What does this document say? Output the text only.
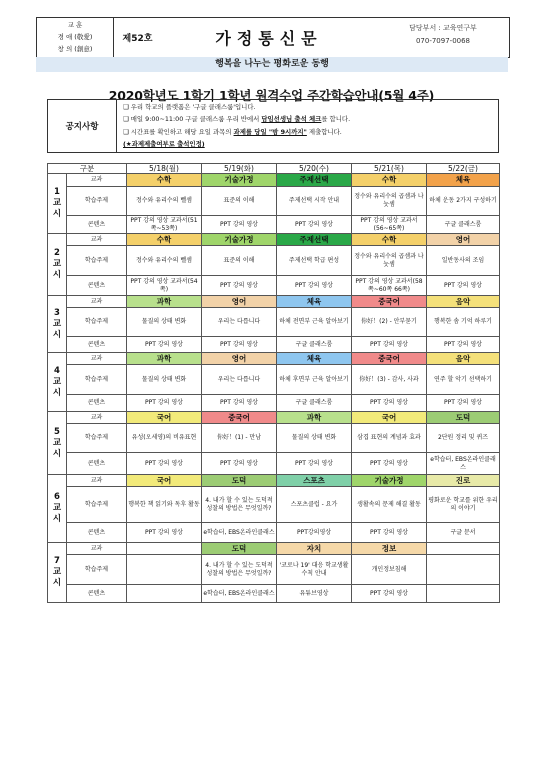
교 훈
경 애 (敬愛)
창 의 (創意)
제52호	가정통신문
담당부서 : 교육연구부
070-7097-0068
행복을 나누는 평화로운 동행
2020학년도 1학기 1학년 원격수업 주간학습안내(5월 4주)
공지사항
❑ 우리 학교의 플랫폼은 '구글 클래스룸'입니다.
❑ 매일 9:00~11:00 구글 클래스룸 우리 반에서 담임선생님 출석 체크를 합니다.
❑ 시간표를 확인하고 해당 요일 과목의 과제를 당일 "밤 9시까지" 제출합니다.
(★과제제출여부로 출석인정)
구분		5/18(월)	5/19(화)	5/20(수)	5/21(목)	5/22(금)
1
교
시	교과	수학	기술가정	주제선택	수학	체육
	학습주제	정수와 유리수의 뺄셈	표준의 이해	주제선택 시작 안내	정수와 유리수의 곱셈과 나눗셈	하체 운동 2가지 구성하기
	콘텐츠	PPT 강의 영상 교과서(51쪽~53쪽)	PPT 강의 영상	PPT 강의 영상	PPT 강의 영상 교과서(56~65쪽)	구글 클래스룸
2
교
시	교과	수학	기술가정	주제선택	수학	영어
	학습주제	정수와 유리수의 뺄셈	표준의 이해	주제선택 학급 편성	정수와 유리수의 곱셈과 나눗셈	일반동사의 조임
	콘텐츠	PPT 강의 영상 교과서(54쪽)	PPT 강의 영상	PPT 강의 영상	PPT 강의 영상 교과서(58쪽~60쪽 66쪽)	PPT 강의 영상
3
교
시	교과	과학	영어	체육	중국어	음악
	학습주제	물질의 상태 변화	우리는 다릅니다	하체 전면부 근육 알아보기	你好！(2) - 안부묻기	행복한 솜 기억 하루기
	콘텐츠	PPT 강의 영상	PPT 강의 영상	구글 클래스룸	PPT 강의 영상	PPT 강의 영상
4
교
시	교과	과학	영어	체육	중국어	음악
	학습주제	물질의 상태 변화	우리는 다릅니다	하체 후면부 근육 알아보기	你好！(3) - 감사, 사과	연주 할 악기 선택하기
	콘텐츠	PPT 강의 영상	PPT 강의 영상	구글 클래스룸	PPT 강의 영상	PPT 강의 영상
5
교
시	교과	국어	중국어	과학	국어	도덕
	학습주제	유성(오세영)의 비유표현	你好！(1) - 만남	물질의 상태 변화	삼겹 표현의 계념과 효과	2단원 정리 및 퀴즈
	콘텐츠	PPT 강의 영상	PPT 강의 영상	PPT 강의 영상	PPT 강의 영상	e학습터, EBS온라인클래스
6
교
시	교과	국어	도덕	스포츠	기술가정	진로
	학습주제	행복한 책 읽기와 독후 활동	4. 내가 할 수 있는 도덕적 성찰의 방법은 무엇일까?	스포츠클럽 - 요가	생활속의 문제 해결 활동	평화로운 학교를 위한 우리의 이야기
	콘텐츠	PPT 강의 영상	e학습터, EBS온라인클래스	PPT강의영상	PPT 강의 영상	구글 문서
7
교
시	교과		도덕	자치	정보	
	학습주제		4. 내가 할 수 있는 도덕적 성찰의 방법은 무엇일까?	'코로나 19' 대응 학교생활 수칙 안내	개인정보침해	
	콘텐츠		e학습터, EBS온라인클래스	유튜브영상	PPT 강의 영상	
